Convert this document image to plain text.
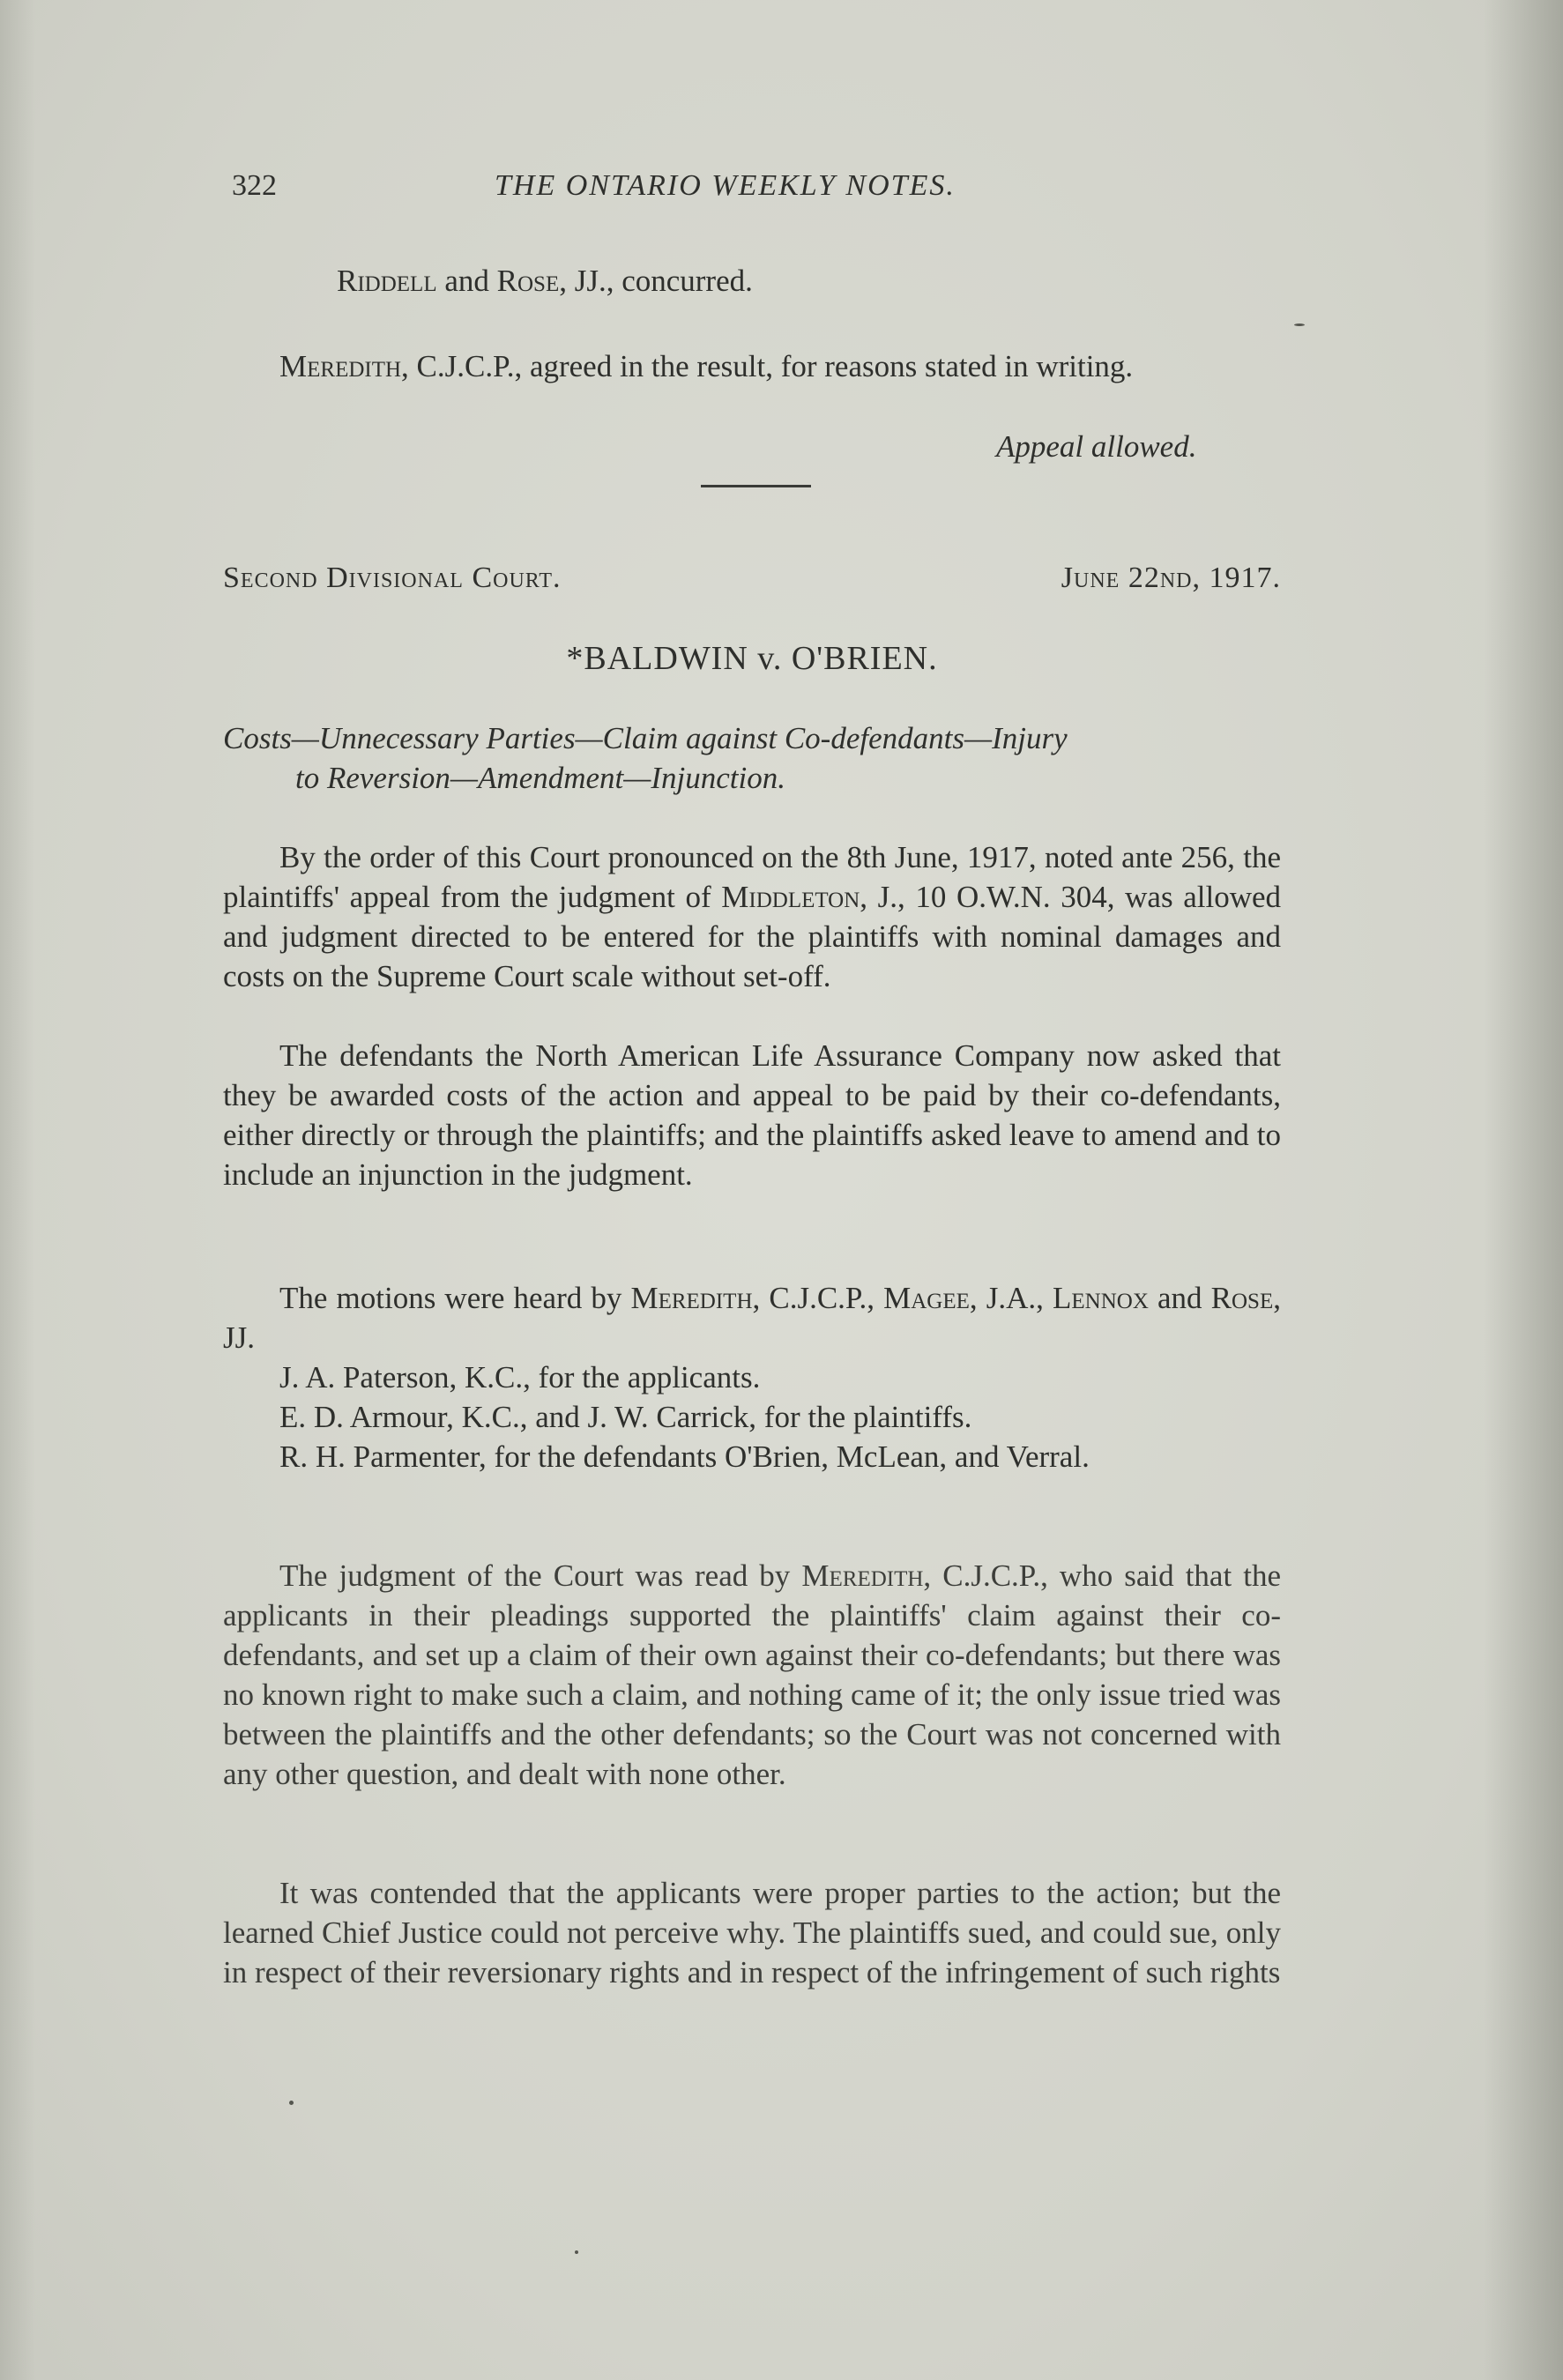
322	THE ONTARIO WEEKLY NOTES.
Riddell and Rose, JJ., concurred.
Meredith, C.J.C.P., agreed in the result, for reasons stated in writing.
Appeal allowed.
Second Divisional Court.	June 22nd, 1917.
*BALDWIN v. O'BRIEN.
Costs—Unnecessary Parties—Claim against Co-defendants—Injury
to Reversion—Amendment—Injunction.
By the order of this Court pronounced on the 8th June, 1917, noted ante 256, the plaintiffs' appeal from the judgment of Middleton, J., 10 O.W.N. 304, was allowed and judgment directed to be entered for the plaintiffs with nominal damages and costs on the Supreme Court scale without set-off.
The defendants the North American Life Assurance Company now asked that they be awarded costs of the action and appeal to be paid by their co-defendants, either directly or through the plaintiffs; and the plaintiffs asked leave to amend and to include an injunction in the judgment.

The motions were heard by Meredith, C.J.C.P., Magee, J.A., Lennox and Rose, JJ.

J. A. Paterson, K.C., for the applicants.

E. D. Armour, K.C., and J. W. Carrick, for the plaintiffs.

R. H. Parmenter, for the defendants O'Brien, McLean, and Verral.

The judgment of the Court was read by Meredith, C.J.C.P., who said that the applicants in their pleadings supported the plaintiffs' claim against their co-defendants, and set up a claim of their own against their co-defendants; but there was no known right to make such a claim, and nothing came of it; the only issue tried was between the plaintiffs and the other defendants; so the Court was not concerned with any other question, and dealt with none other.
It was contended that the applicants were proper parties to the action; but the learned Chief Justice could not perceive why. The plaintiffs sued, and could sue, only in respect of their reversionary rights and in respect of the infringement of such rights
